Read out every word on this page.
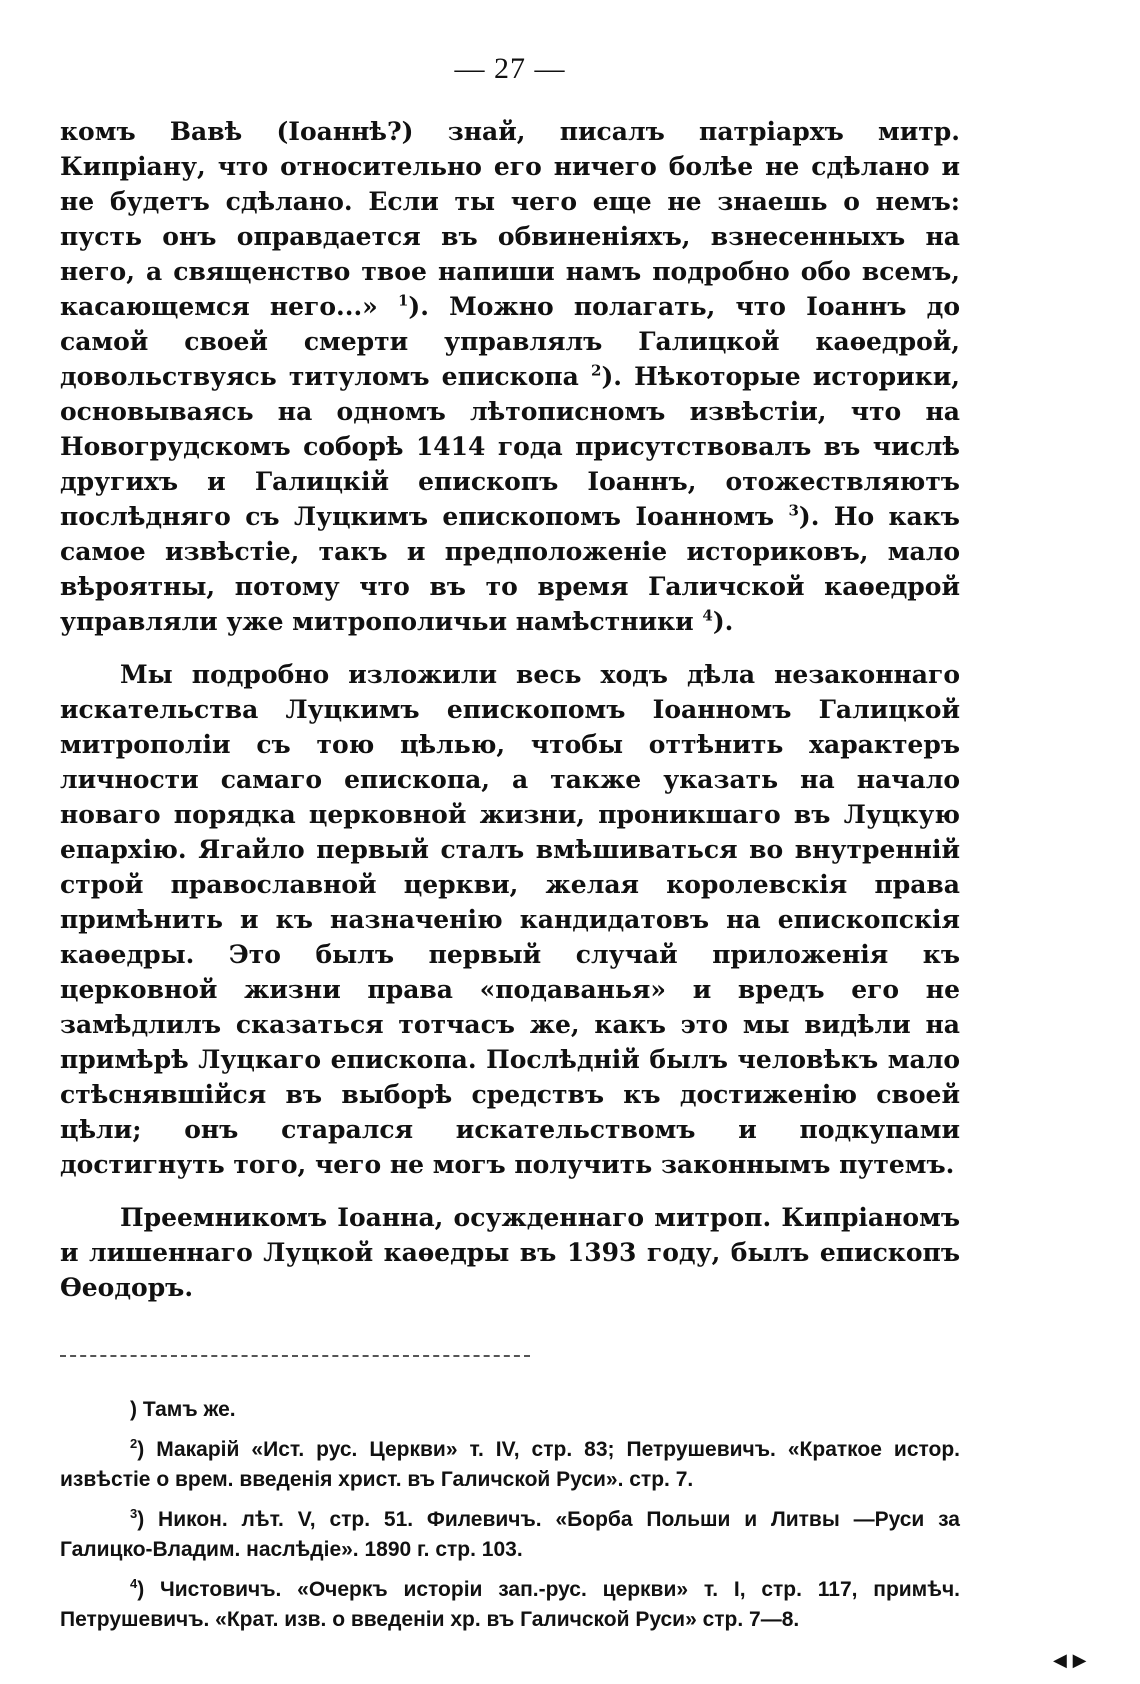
— 27 —

комъ Вавѣ (Іоаннѣ?) знай, писалъ патріархъ митр. Кипріану, что относительно его ничего болѣе не сдѣлано и не будетъ сдѣлано. Если ты чего еще не знаешь о немъ: пусть онъ оправдается въ обвиненіяхъ, взнесенныхъ на него, а священство твое напиши намъ подробно обо всемъ, касающемся него...» $^1$). Можно полагать, что Іоаннъ до самой своей смерти управлялъ Галицкой каѳедрой, довольствуясь титуломъ епископа $^2$). Нѣкоторые историки, основываясь на одномъ лѣтописномъ извѣстіи, что на Новогрудскомъ соборѣ 1414 года присутствовалъ въ числѣ другихъ и Галицкій епископъ Іоаннъ, отожествляютъ послѣдняго съ Луцкимъ епископомъ Іоанномъ $^3$). Но какъ самое извѣстіе, такъ и предположеніе историковъ, мало вѣроятны, потому что въ то время Галичской каѳедрой управляли уже митрополичьи намѣстники $^4$).

Мы подробно изложили весь ходъ дѣла незаконнаго искательства Луцкимъ епископомъ Іоанномъ Галицкой митрополіи съ тою цѣлью, чтобы оттѣнить характеръ личности самаго епископа, а также указать на начало новаго порядка церковной жизни, проникшаго въ Луцкую епархію. Ягайло первый сталъ вмѣшиваться во внутренній строй православной церкви, желая королевскія права примѣнить и къ назначенію кандидатовъ на епископскія каѳедры. Это былъ первый случай приложенія къ церковной жизни права «подаванья» и вредъ его не замѣдлилъ сказаться тотчасъ же, какъ это мы видѣли на примѣрѣ Луцкаго епископа. Послѣдній былъ человѣкъ мало стѣснявшійся въ выборѣ средствъ къ достиженію своей цѣли; онъ старался искательствомъ и подкупами достигнуть того, чего не могъ получить законнымъ путемъ.

Преемникомъ Іоанна, осужденнаго митроп. Кипріаномъ и лишеннаго Луцкой каѳедры въ 1393 году, былъ епископъ Ѳеодоръ.

) Тамъ же.

$^2$) Макарій «Ист. рус. Церкви» т. IV, стр. 83; Петрушевичъ. «Краткое истор. извѣстіе о врем. введенія христ. въ Галичской Руси». стр. 7.

$^3$) Никон. лѣт. V, стр. 51. Филевичъ. «Борба Польши и Литвы —Руси за Галицко-Владим. наслѣдіе». 1890 г. стр. 103.

$^4$) Чистовичъ. «Очеркъ исторіи зап.-рус. церкви» т. I, стр. 117, примѣч. Петрушевичъ. «Крат. изв. о введеніи хр. въ Галичской Руси» стр. 7—8.

◀ ▶
